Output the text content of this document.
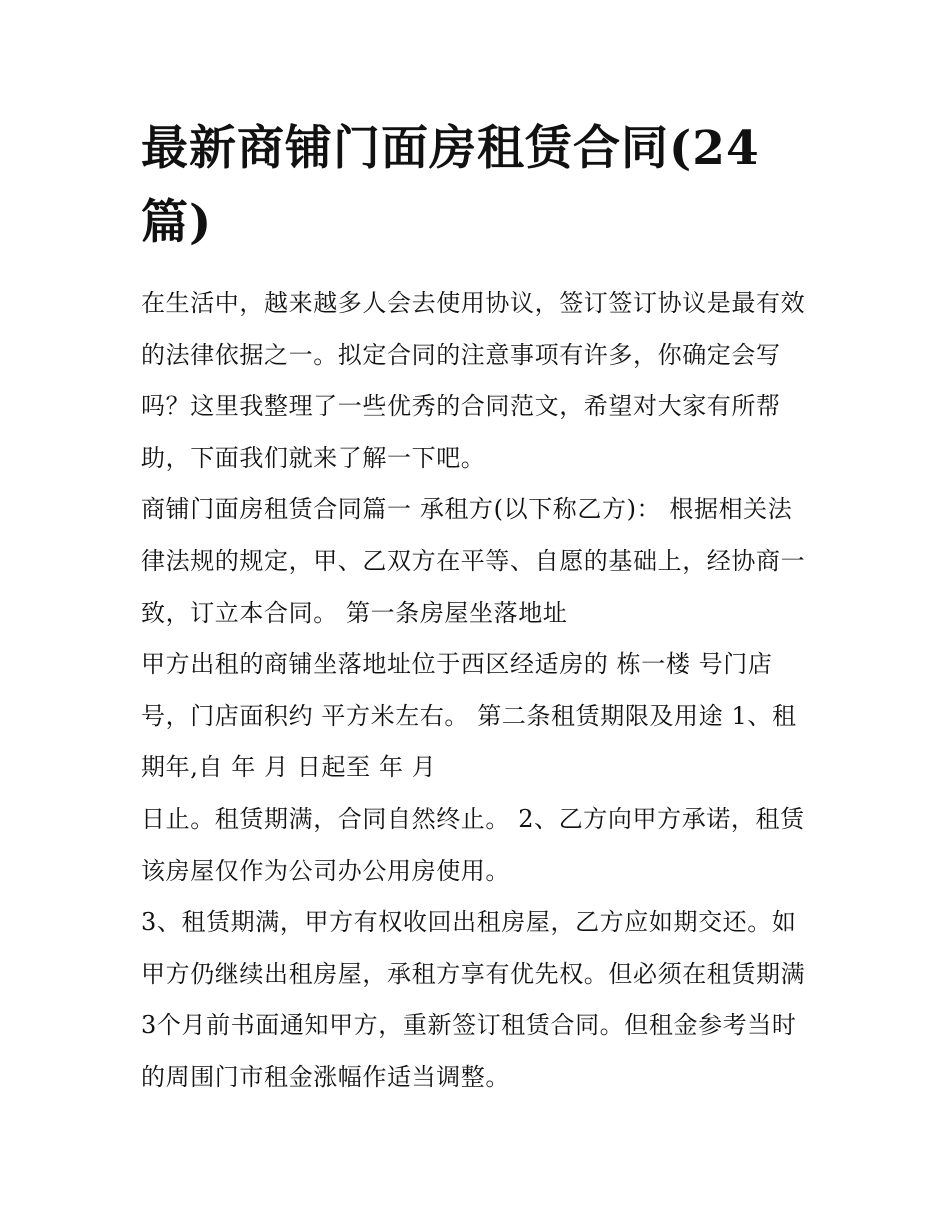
最新商铺门面房租赁合同(24篇)

在生活中，越来越多人会去使用协议，签订签订协议是最有效的法律依据之一。拟定合同的注意事项有许多，你确定会写吗？这里我整理了一些优秀的合同范文，希望对大家有所帮助，下面我们就来了解一下吧。

商铺门面房租赁合同篇一 承租方(以下称乙方)： 根据相关法律法规的规定，甲、乙双方在平等、自愿的基础上，经协商一致，订立本合同。 第一条房屋坐落地址

甲方出租的商铺坐落地址位于西区经适房的 栋一楼 号门店号，门店面积约 平方米左右。 第二条租赁期限及用途 1、租期年,自 年 月 日起至 年 月

日止。租赁期满，合同自然终止。 2、乙方向甲方承诺，租赁该房屋仅作为公司办公用房使用。

3、租赁期满，甲方有权收回出租房屋，乙方应如期交还。如甲方仍继续出租房屋，承租方享有优先权。但必须在租赁期满3个月前书面通知甲方，重新签订租赁合同。但租金参考当时的周围门市租金涨幅作适当调整。
